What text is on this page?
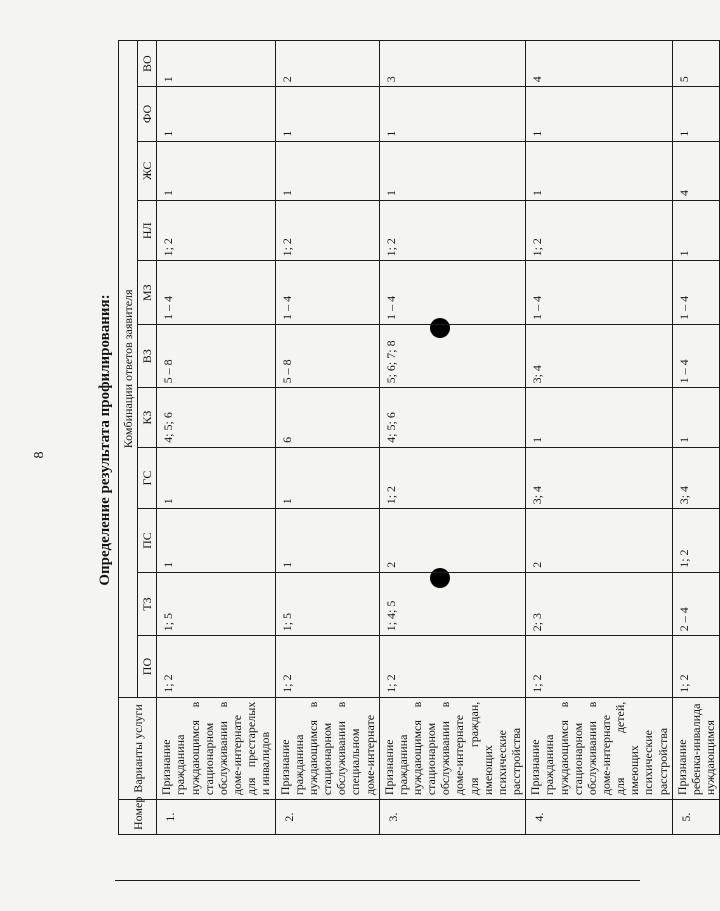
8	Определение результата профилирования:
Номер	Варианты услуги	Комбинации ответов заявителя										
		ПО	ТЗ	ПС	ГС	КЗ	ВЗ	МЗ	НЛ	ЖС	ФО	ВО
1.	Признание гражданина нуждающимся в стационарном обслуживании в доме-интернате для престарелых и инвалидов	1; 2	1; 5	1	1	4; 5; 6	5 – 8	1 – 4	1; 2	1	1	1
2.	Признание гражданина нуждающимся в стационарном обслуживании в специальном доме-интернате	1; 2	1; 5	1	1	6	5 – 8	1 – 4	1; 2	1	1	2
3.	Признание гражданина нуждающимся в стационарном обслуживании в доме-интернате для граждан, имеющих психические расстройства	1; 2	1; 4; 5	2	1; 2	4; 5; 6	5; 6; 7; 8	1 – 4	1; 2	1	1	3
4.	Признание гражданина нуждающимся в стационарном обслуживании в доме-интернате для детей, имеющих психические расстройства	1; 2	2; 3	2	3; 4	1	3; 4	1 – 4	1; 2	1	1	4
5.	Признание ребенка-инвалида нуждающимся	1; 2	2 – 4	1; 2	3; 4	1	1 – 4	1 – 4	1	4	1	5
